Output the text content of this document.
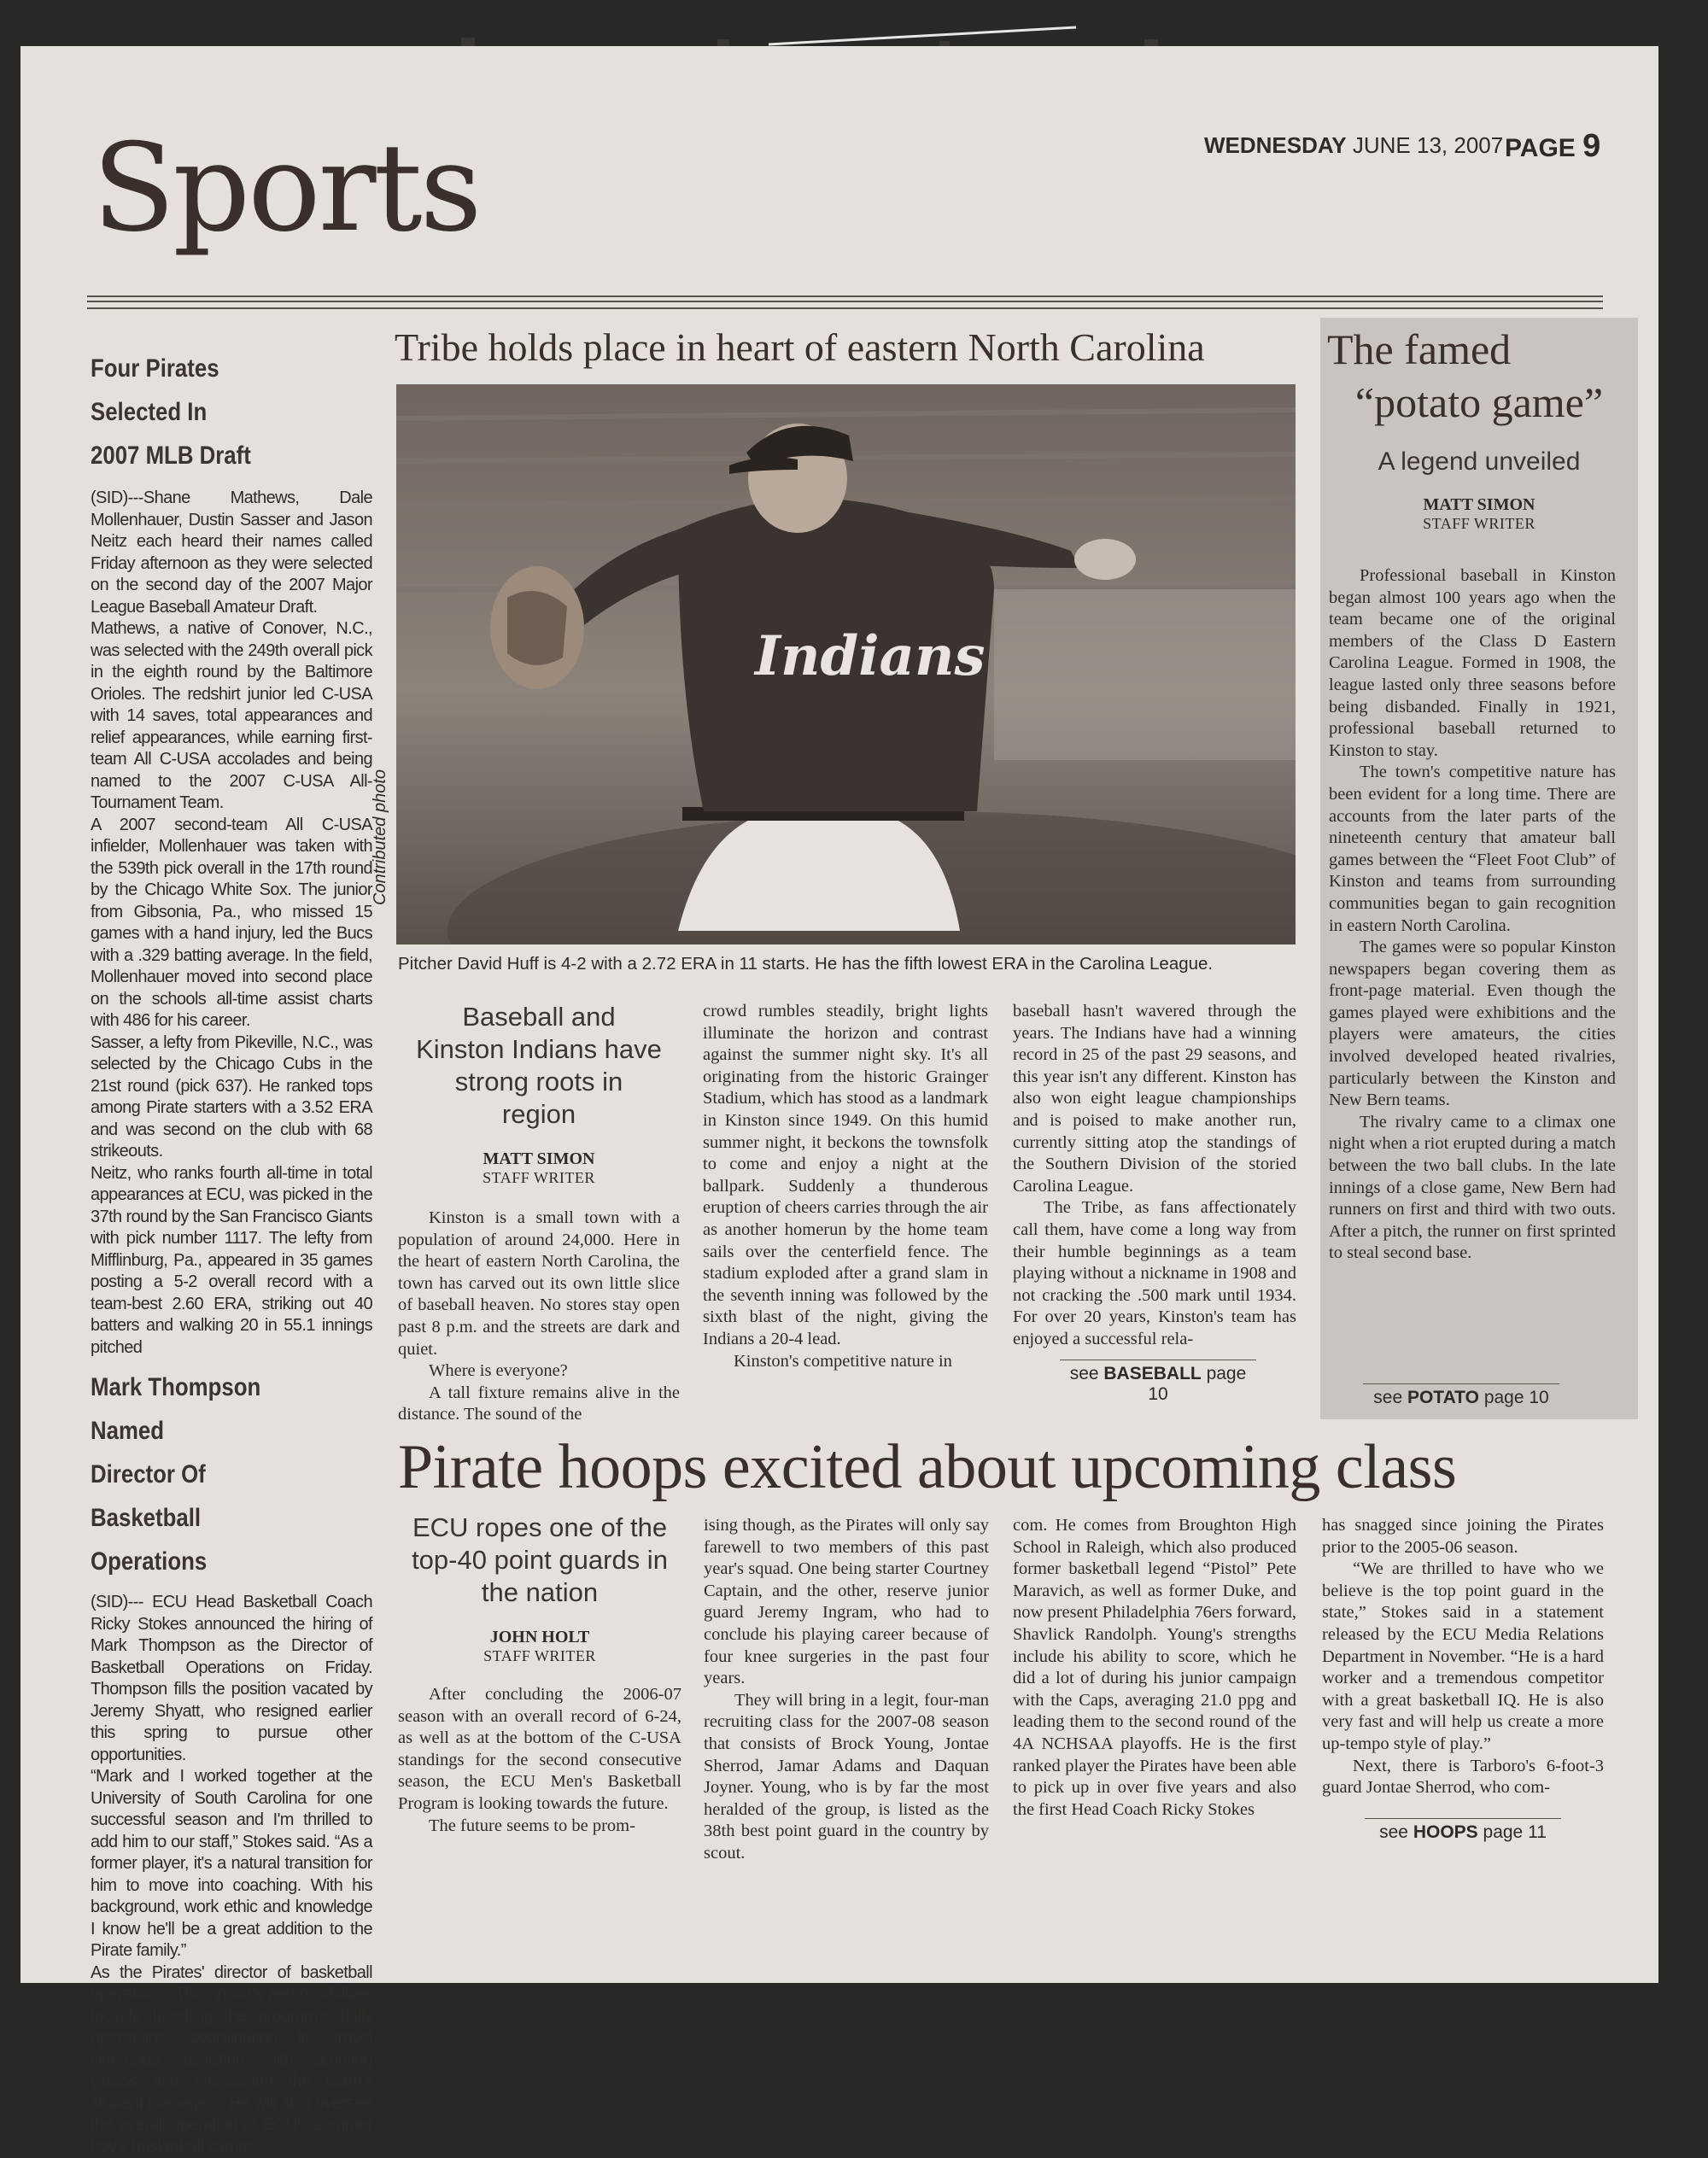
Sports	WEDNESDAY JUNE 13, 2007 PAGE 9
Four Pirates Selected In
2007 MLB Draft

(SID)---Shane Mathews, Dale Mollenhauer, Dustin Sasser and Jason Neitz each heard their names called Friday afternoon as they were selected on the second day of the 2007 Major League Baseball Amateur Draft.

Mathews, a native of Conover, N.C., was selected with the 249th overall pick in the eighth round by the Baltimore Orioles. The redshirt junior led C-USA with 14 saves, total appearances and relief appearances, while earning first-team All C-USA accolades and being named to the 2007 C-USA All-Tournament Team.

A 2007 second-team All C-USA infielder, Mollenhauer was taken with the 539th pick overall in the 17th round by the Chicago White Sox. The junior from Gibsonia, Pa., who missed 15 games with a hand injury, led the Bucs with a .329 batting average. In the field, Mollenhauer moved into second place on the schools all-time assist charts with 486 for his career.

Sasser, a lefty from Pikeville, N.C., was selected by the Chicago Cubs in the 21st round (pick 637). He ranked tops among Pirate starters with a 3.52 ERA and was second on the club with 68 strikeouts.

Neitz, who ranks fourth all-time in total appearances at ECU, was picked in the 37th round by the San Francisco Giants with pick number 1117. The lefty from Mifflinburg, Pa., appeared in 35 games posting a 5-2 overall record with a team-best 2.60 ERA, striking out 40 batters and walking 20 in 55.1 innings pitched

Mark Thompson Named
Director Of Basketball
Operations

(SID)--- ECU Head Basketball Coach Ricky Stokes announced the hiring of Mark Thompson as the Director of Basketball Operations on Friday. Thompson fills the position vacated by Jeremy Shyatt, who resigned earlier this spring to pursue other opportunities.

“Mark and I worked together at the University of South Carolina for one successful season and I'm thrilled to add him to our staff,” Stokes said. “As a former player, it's a natural transition for him to move into coaching. With his background, work ethic and knowledge I know he'll be a great addition to the Pirate family.”

As the Pirates' director of basketball operations, Thompson's responsibilities include handling the program's daily operations, coordinating its travel itineraries, assisting with scouting videos and overseeing the team's student managers. He will also oversee the overall operation of ECU's summer boy's basketball camps.

Tribe holds place in heart of eastern North Carolina
Indians
Contributed photo
Pitcher David Huff is 4-2 with a 2.72 ERA in 11 starts. He has the fifth lowest ERA in the Carolina League.
Baseball and Kinston Indians have strong roots in region
MATT SIMON
STAFF WRITER

Kinston is a small town with a population of around 24,000. Here in the heart of eastern North Carolina, the town has carved out its own little slice of baseball heaven. No stores stay open past 8 p.m. and the streets are dark and quiet.

Where is everyone?

A tall fixture remains alive in the distance. The sound of the

crowd rumbles steadily, bright lights illuminate the horizon and contrast against the summer night sky. It's all originating from the historic Grainger Stadium, which has stood as a landmark in Kinston since 1949. On this humid summer night, it beckons the townsfolk to come and enjoy a night at the ballpark. Suddenly a thunderous eruption of cheers carries through the air as another homerun by the home team sails over the centerfield fence. The stadium exploded after a grand slam in the seventh inning was followed by the sixth blast of the night, giving the Indians a 20-4 lead.

Kinston's competitive nature in

baseball hasn't wavered through the years. The Indians have had a winning record in 25 of the past 29 seasons, and this year isn't any different. Kinston has also won eight league championships and is poised to make another run, currently sitting atop the standings of the Southern Division of the storied Carolina League.

The Tribe, as fans affectionately call them, have come a long way from their humble beginnings as a team playing without a nickname in 1908 and not cracking the .500 mark until 1934. For over 20 years, Kinston's team has enjoyed a successful rela-

see BASEBALL page 10
The famed
“potato game”
A legend unveiled
MATT SIMON
STAFF WRITER

Professional baseball in Kinston began almost 100 years ago when the team became one of the original members of the Class D Eastern Carolina League. Formed in 1908, the league lasted only three seasons before being disbanded. Finally in 1921, professional baseball returned to Kinston to stay.

The town's competitive nature has been evident for a long time. There are accounts from the later parts of the nineteenth century that amateur ball games between the “Fleet Foot Club” of Kinston and teams from surrounding communities began to gain recognition in eastern North Carolina.

The games were so popular Kinston newspapers began covering them as front-page material. Even though the games played were exhibitions and the players were amateurs, the cities involved developed heated rivalries, particularly between the Kinston and New Bern teams.

The rivalry came to a climax one night when a riot erupted during a match between the two ball clubs. In the late innings of a close game, New Bern had runners on first and third with two outs. After a pitch, the runner on first sprinted to steal second base.

see POTATO page 10
Pirate hoops excited about upcoming class
ECU ropes one of the top-40 point guards in the nation
JOHN HOLT
STAFF WRITER

After concluding the 2006-07 season with an overall record of 6-24, as well as at the bottom of the C-USA standings for the second consecutive season, the ECU Men's Basketball Program is looking towards the future.

The future seems to be prom-

ising though, as the Pirates will only say farewell to two members of this past year's squad. One being starter Courtney Captain, and the other, reserve junior guard Jeremy Ingram, who had to conclude his playing career because of four knee surgeries in the past four years.

They will bring in a legit, four-man recruiting class for the 2007-08 season that consists of Brock Young, Jontae Sherrod, Jamar Adams and Daquan Joyner. Young, who is by far the most heralded of the group, is listed as the 38th best point guard in the country by scout.

com. He comes from Broughton High School in Raleigh, which also produced former basketball legend “Pistol” Pete Maravich, as well as former Duke, and now present Philadelphia 76ers forward, Shavlick Randolph. Young's strengths include his ability to score, which he did a lot of during his junior campaign with the Caps, averaging 21.0 ppg and leading them to the second round of the 4A NCHSAA playoffs. He is the first ranked player the Pirates have been able to pick up in over five years and also the first Head Coach Ricky Stokes

has snagged since joining the Pirates prior to the 2005-06 season.

“We are thrilled to have who we believe is the top point guard in the state,” Stokes said in a statement released by the ECU Media Relations Department in November. “He is a hard worker and a tremendous competitor with a great basketball IQ. He is also very fast and will help us create a more up-tempo style of play.”

Next, there is Tarboro's 6-foot-3 guard Jontae Sherrod, who com-

see HOOPS page 11
